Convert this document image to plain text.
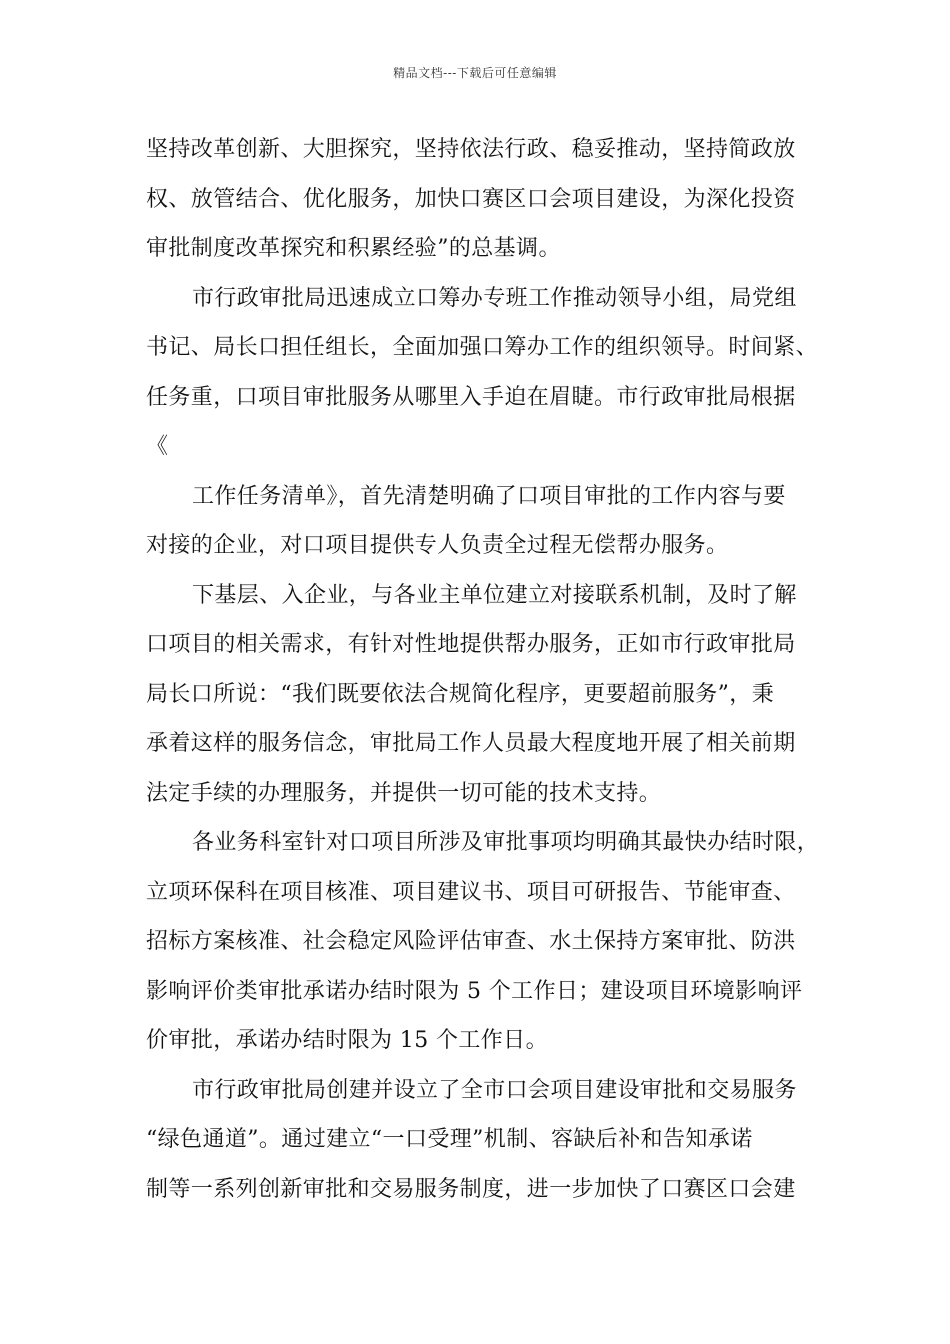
精品文档---下载后可任意编辑
坚持改革创新、大胆探究，坚持依法行政、稳妥推动，坚持简政放
权、放管结合、优化服务，加快口赛区口会项目建设，为深化投资
审批制度改革探究和积累经验”的总基调。
市行政审批局迅速成立口筹办专班工作推动领导小组，局党组
书记、局长口担任组长，全面加强口筹办工作的组织领导。时间紧、
任务重，口项目审批服务从哪里入手迫在眉睫。市行政审批局根据
《
工作任务清单》，首先清楚明确了口项目审批的工作内容与要
对接的企业，对口项目提供专人负责全过程无偿帮办服务。
下基层、入企业，与各业主单位建立对接联系机制，及时了解
口项目的相关需求，有针对性地提供帮办服务，正如市行政审批局
局长口所说：“我们既要依法合规简化程序，更要超前服务”，秉
承着这样的服务信念，审批局工作人员最大程度地开展了相关前期
法定手续的办理服务，并提供一切可能的技术支持。
各业务科室针对口项目所涉及审批事项均明确其最快办结时限，
立项环保科在项目核准、项目建议书、项目可研报告、节能审查、
招标方案核准、社会稳定风险评估审查、水土保持方案审批、防洪
影响评价类审批承诺办结时限为 5 个工作日；建设项目环境影响评
价审批，承诺办结时限为 15 个工作日。
市行政审批局创建并设立了全市口会项目建设审批和交易服务
“绿色通道”。通过建立“一口受理”机制、容缺后补和告知承诺
制等一系列创新审批和交易服务制度，进一步加快了口赛区口会建
